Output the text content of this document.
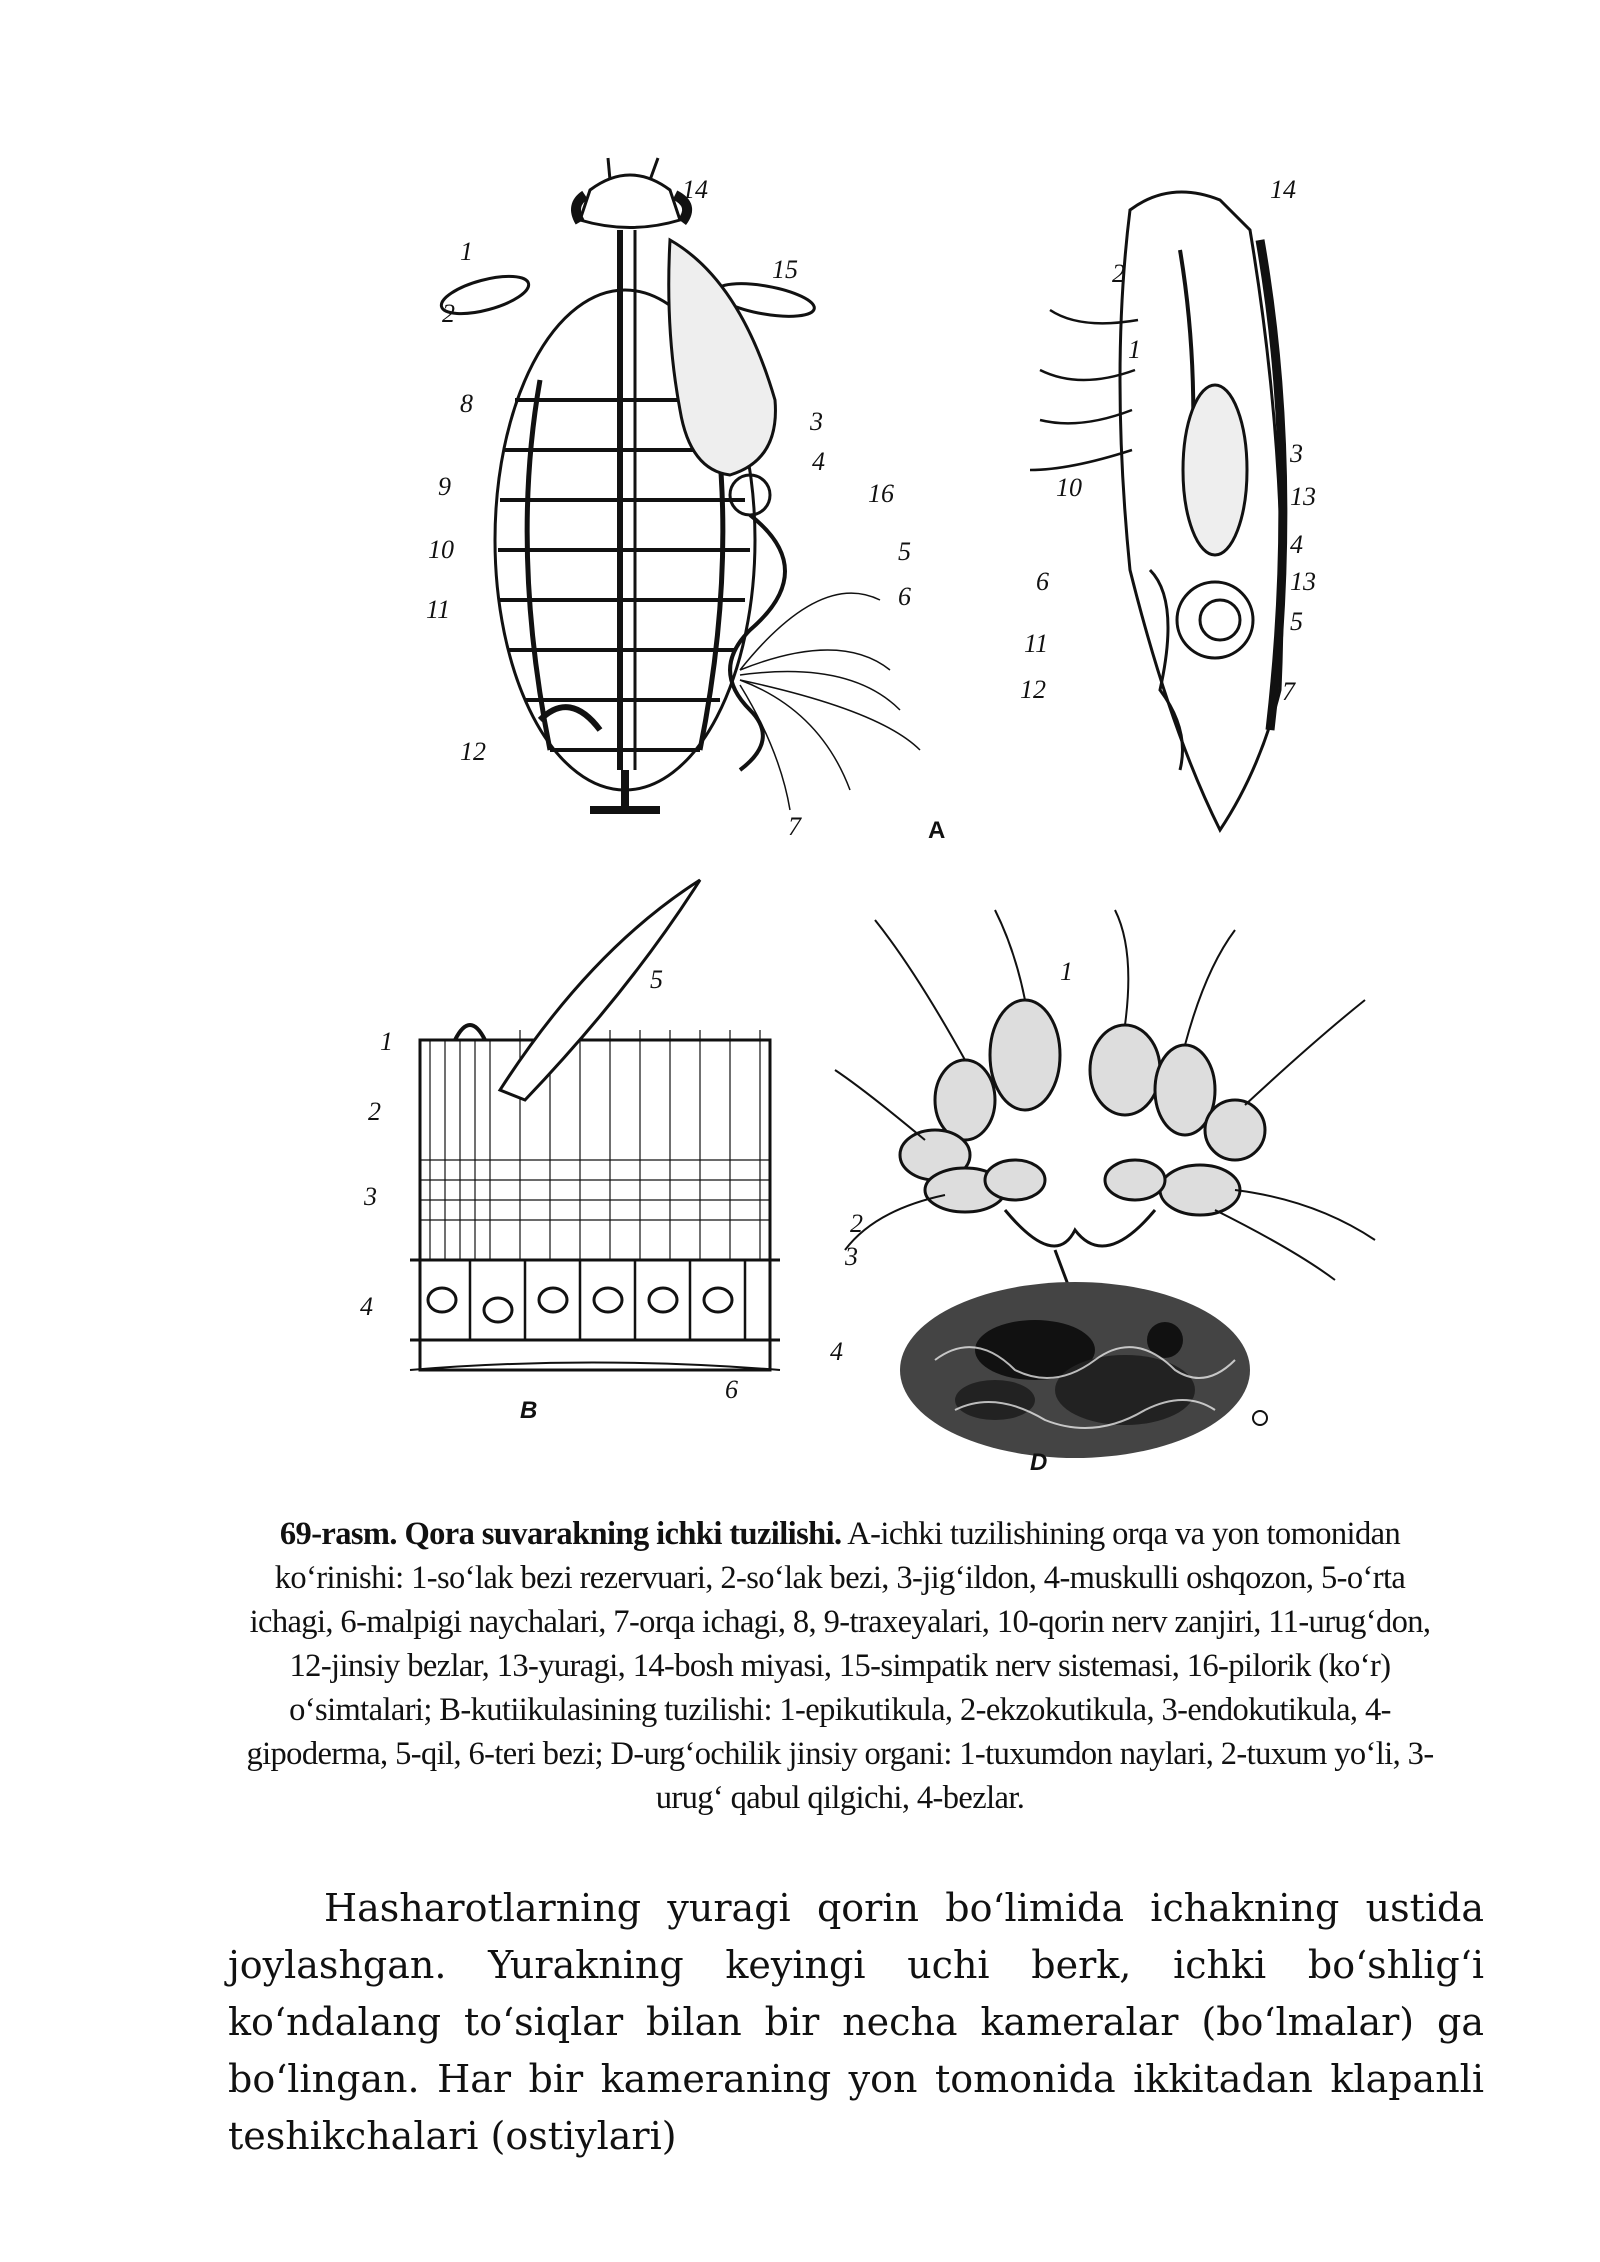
14
1
2
15
8
3
4
16
9
5
6
10
11
12
7
14
2
1
3
13
10
4
13
6
5
11
12	7
A
1
2
3
4
5
6
B
1
2
3
4
D
69-rasm. Qora suvarakning ichki tuzilishi. A-ichki tuzilishining orqa va yon tomonidan ko‘rinishi: 1-so‘lak bezi rezervuari, 2-so‘lak bezi, 3-jig‘ildon, 4-muskulli oshqozon, 5-o‘rta ichagi, 6-malpigi naychalari, 7-orqa ichagi, 8, 9-traxeyalari, 10-qorin nerv zanjiri, 11-urug‘don, 12-jinsiy bezlar, 13-yuragi, 14-bosh miyasi, 15-simpatik nerv sistemasi, 16-pilorik (ko‘r) o‘simtalari; B-kutiikulasining tuzilishi: 1-epikutikula, 2-ekzokutikula, 3-endokutikula, 4-gipoderma, 5-qil, 6-teri bezi; D-urg‘ochilik jinsiy organi: 1-tuxumdon naylari, 2-tuxum yo‘li, 3-urug‘ qabul qilgichi, 4-bezlar.

Hasharotlarning yuragi qorin bo‘limida ichakning ustida joylashgan. Yurakning keyingi uchi berk, ichki bo‘shlig‘i ko‘ndalang to‘siqlar bilan bir necha kameralar (bo‘lmalar) ga bo‘lingan. Har bir kameraning yon tomonida ikkitadan klapanli teshikchalari (ostiylari)
